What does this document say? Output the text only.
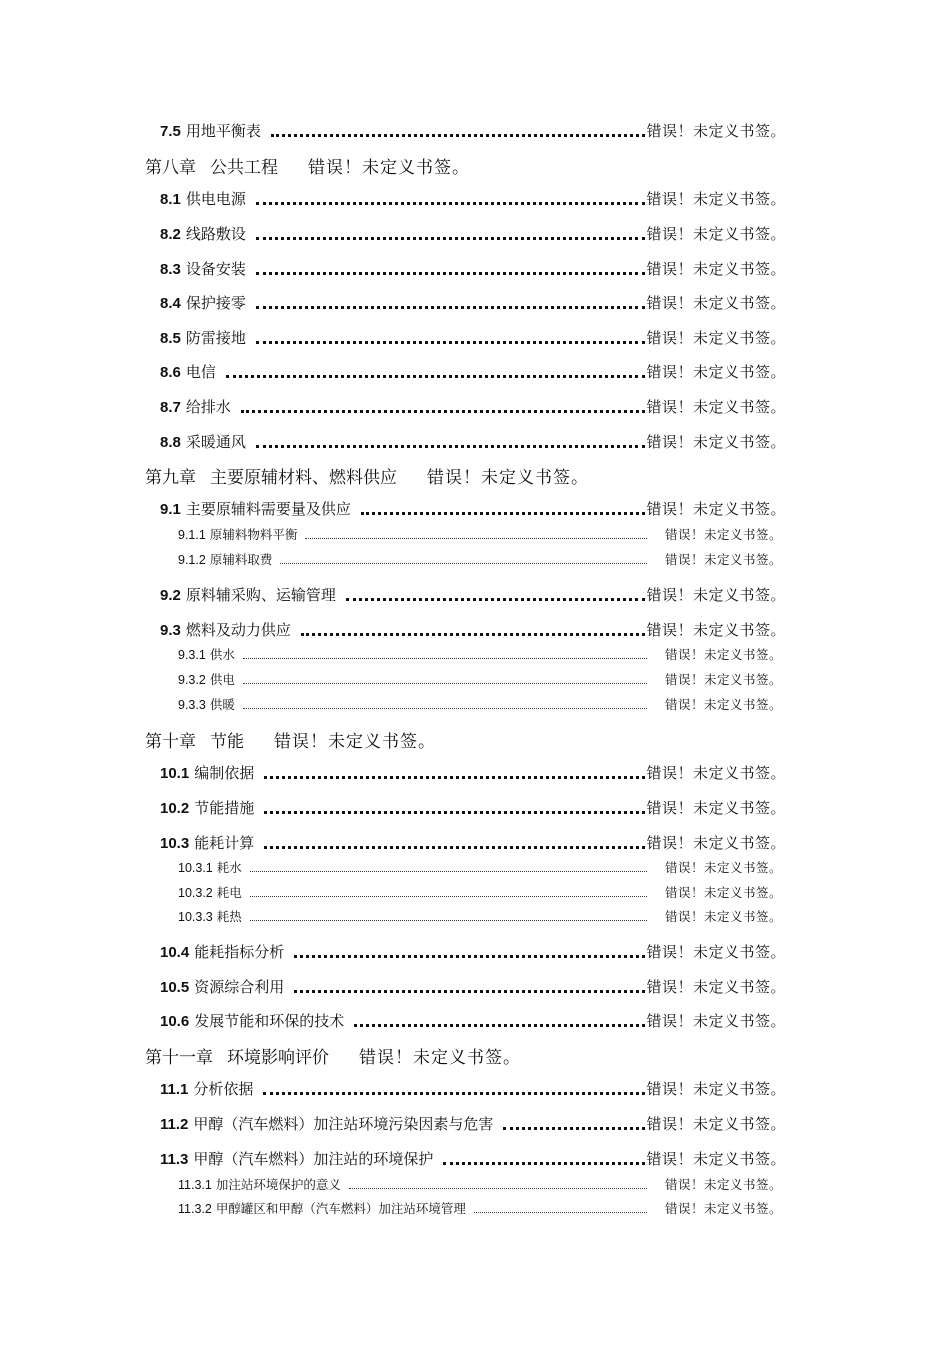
7.5 用地平衡表	错误！未定义书签。
第八章 公共工程 错误！未定义书签。
8.1 供电电源	错误！未定义书签。
8.2 线路敷设	错误！未定义书签。
8.3 设备安装	错误！未定义书签。
8.4 保护接零	错误！未定义书签。
8.5 防雷接地	错误！未定义书签。
8.6 电信	错误！未定义书签。
8.7 给排水	错误！未定义书签。
8.8 采暖通风	错误！未定义书签。
第九章 主要原辅材料、燃料供应 错误！未定义书签。
9.1 主要原辅料需要量及供应	错误！未定义书签。
9.1.1 原辅料物料平衡	错误！未定义书签。
9.1.2 原辅料取费	错误！未定义书签。
9.2 原料辅采购、运输管理	错误！未定义书签。
9.3 燃料及动力供应	错误！未定义书签。
9.3.1 供水	错误！未定义书签。
9.3.2 供电	错误！未定义书签。
9.3.3 供暖	错误！未定义书签。
第十章 节能 错误！未定义书签。
10.1 编制依据	错误！未定义书签。
10.2 节能措施	错误！未定义书签。
10.3 能耗计算	错误！未定义书签。
10.3.1 耗水	错误！未定义书签。
10.3.2 耗电	错误！未定义书签。
10.3.3 耗热	错误！未定义书签。
10.4 能耗指标分析	错误！未定义书签。
10.5 资源综合利用	错误！未定义书签。
10.6 发展节能和环保的技术	错误！未定义书签。
第十一章 环境影响评价 错误！未定义书签。
11.1 分析依据	错误！未定义书签。
11.2 甲醇（汽车燃料）加注站环境污染因素与危害	错误！未定义书签。
11.3 甲醇（汽车燃料）加注站的环境保护	错误！未定义书签。
11.3.1 加注站环境保护的意义	错误！未定义书签。
11.3.2 甲醇罐区和甲醇（汽车燃料）加注站环境管理	错误！未定义书签。
